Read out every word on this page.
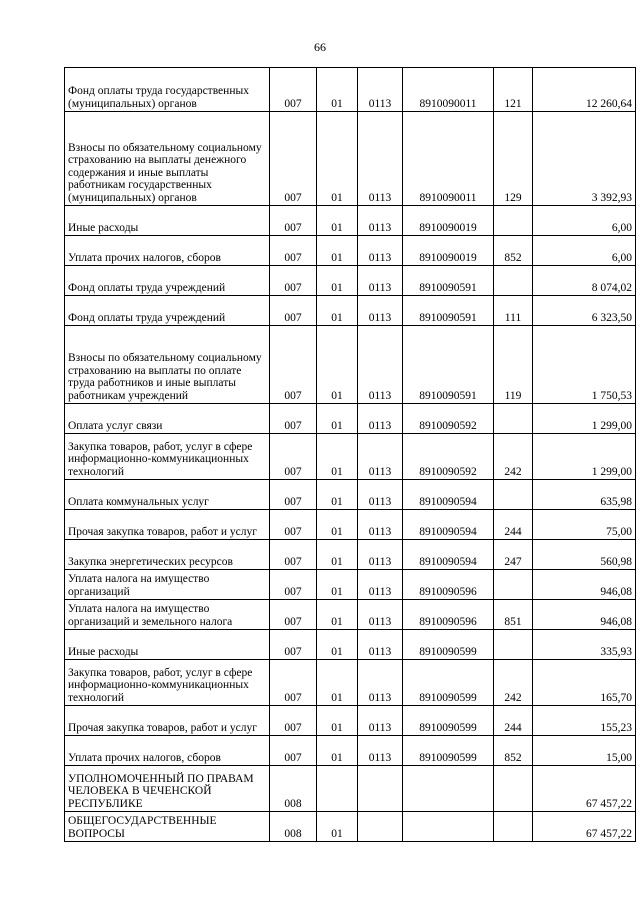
66
Фонд оплаты труда государственных (муниципальных) органов	007	01	0113	8910090011	121	12 260,64
Взносы по обязательному социальному страхованию на выплаты денежного содержания и иные выплаты работникам государственных (муниципальных) органов	007	01	0113	8910090011	129	3 392,93
Иные расходы	007	01	0113	8910090019		6,00
Уплата прочих налогов, сборов	007	01	0113	8910090019	852	6,00
Фонд оплаты труда учреждений	007	01	0113	8910090591		8 074,02
Фонд оплаты труда учреждений	007	01	0113	8910090591	111	6 323,50
Взносы по обязательному социальному страхованию на выплаты по оплате труда работников и иные выплаты работникам учреждений	007	01	0113	8910090591	119	1 750,53
Оплата услуг связи	007	01	0113	8910090592		1 299,00
Закупка товаров, работ, услуг в сфере информационно-коммуникационных технологий	007	01	0113	8910090592	242	1 299,00
Оплата коммунальных услуг	007	01	0113	8910090594		635,98
Прочая закупка товаров, работ и услуг	007	01	0113	8910090594	244	75,00
Закупка энергетических ресурсов	007	01	0113	8910090594	247	560,98
Уплата налога на имущество организаций	007	01	0113	8910090596		946,08
Уплата налога на имущество организаций и земельного налога	007	01	0113	8910090596	851	946,08
Иные расходы	007	01	0113	8910090599		335,93
Закупка товаров, работ, услуг в сфере информационно-коммуникационных технологий	007	01	0113	8910090599	242	165,70
Прочая закупка товаров, работ и услуг	007	01	0113	8910090599	244	155,23
Уплата прочих налогов, сборов	007	01	0113	8910090599	852	15,00
УПОЛНОМОЧЕННЫЙ ПО ПРАВАМ ЧЕЛОВЕКА В ЧЕЧЕНСКОЙ РЕСПУБЛИКЕ	008					67 457,22
ОБЩЕГОСУДАРСТВЕННЫЕ ВОПРОСЫ	008	01				67 457,22
